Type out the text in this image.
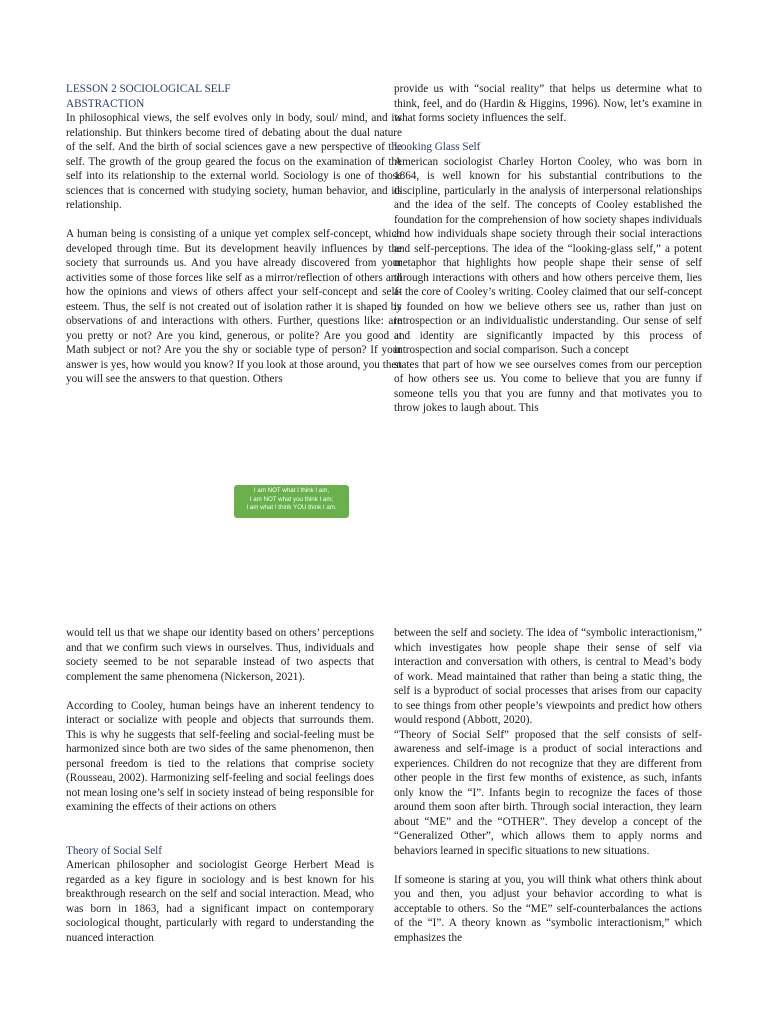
LESSON 2 SOCIOLOGICAL SELF

ABSTRACTION

In philosophical views, the self evolves only in body, soul/ mind, and its relationship. But thinkers become tired of debating about the dual nature of the self. And the birth of social sciences gave a new perspective of the self. The growth of the group geared the focus on the examination of the self into its relationship to the external world. Sociology is one of those sciences that is concerned with studying society, human behavior, and its relationship.

A human being is consisting of a unique yet complex self-concept, which developed through time. But its development heavily influences by the society that surrounds us. And you have already discovered from your activities some of those forces like self as a mirror/reflection of others and how the opinions and views of others affect your self-concept and self-esteem. Thus, the self is not created out of isolation rather it is shaped by observations of and interactions with others. Further, questions like: are you pretty or not? Are you kind, generous, or polite? Are you good at Math subject or not? Are you the shy or sociable type of person? If your answer is yes, how would you know? If you look at those around, you then you will see the answers to that question. Others

provide us with “social reality” that helps us determine what to think, feel, and do (Hardin & Higgins, 1996). Now, let’s examine in what forms society influences the self.

Looking Glass Self

American sociologist Charley Horton Cooley, who was born in 1864, is well known for his substantial contributions to the discipline, particularly in the analysis of interpersonal relationships and the idea of the self. The concepts of Cooley established the foundation for the comprehension of how society shapes individuals and how individuals shape society through their social interactions and self-perceptions. The idea of the “looking-glass self,” a potent metaphor that highlights how people shape their sense of self through interactions with others and how others perceive them, lies at the core of Cooley’s writing. Cooley claimed that our self-concept is founded on how we believe others see us, rather than just on introspection or an individualistic understanding. Our sense of self and identity are significantly impacted by this process of introspection and social comparison. Such a concept

states that part of how we see ourselves comes from our perception of how others see us. You come to believe that you are funny if someone tells you that you are funny and that motivates you to throw jokes to laugh about. This

I am NOT what I think I am,
I am NOT what you think I am;
I am what I think YOU think I am.

would tell us that we shape our identity based on others’ perceptions and that we confirm such views in ourselves. Thus, individuals and society seemed to be not separable instead of two aspects that complement the same phenomena (Nickerson, 2021).

According to Cooley, human beings have an inherent tendency to interact or socialize with people and objects that surrounds them. This is why he suggests that self-feeling and social-feeling must be harmonized since both are two sides of the same phenomenon, then personal freedom is tied to the relations that comprise society (Rousseau, 2002). Harmonizing self-feeling and social feelings does not mean losing one’s self in society instead of being responsible for examining the effects of their actions on others

Theory of Social Self

American philosopher and sociologist George Herbert Mead is regarded as a key figure in sociology and is best known for his breakthrough research on the self and social interaction. Mead, who was born in 1863, had a significant impact on contemporary sociological thought, particularly with regard to understanding the nuanced interaction

between the self and society. The idea of “symbolic interactionism,” which investigates how people shape their sense of self via interaction and conversation with others, is central to Mead’s body of work. Mead maintained that rather than being a static thing, the self is a byproduct of social processes that arises from our capacity to see things from other people’s viewpoints and predict how others would respond (Abbott, 2020).

“Theory of Social Self” proposed that the self consists of self-awareness and self-image is a product of social interactions and experiences. Children do not recognize that they are different from other people in the first few months of existence, as such, infants only know the “I”. Infants begin to recognize the faces of those around them soon after birth. Through social interaction, they learn about “ME” and the “OTHER”. They develop a concept of the “Generalized Other”, which allows them to apply norms and behaviors learned in specific situations to new situations.

If someone is staring at you, you will think what others think about you and then, you adjust your behavior according to what is acceptable to others. So the “ME” self-counterbalances the actions of the “I”. A theory known as “symbolic interactionism,” which emphasizes the
